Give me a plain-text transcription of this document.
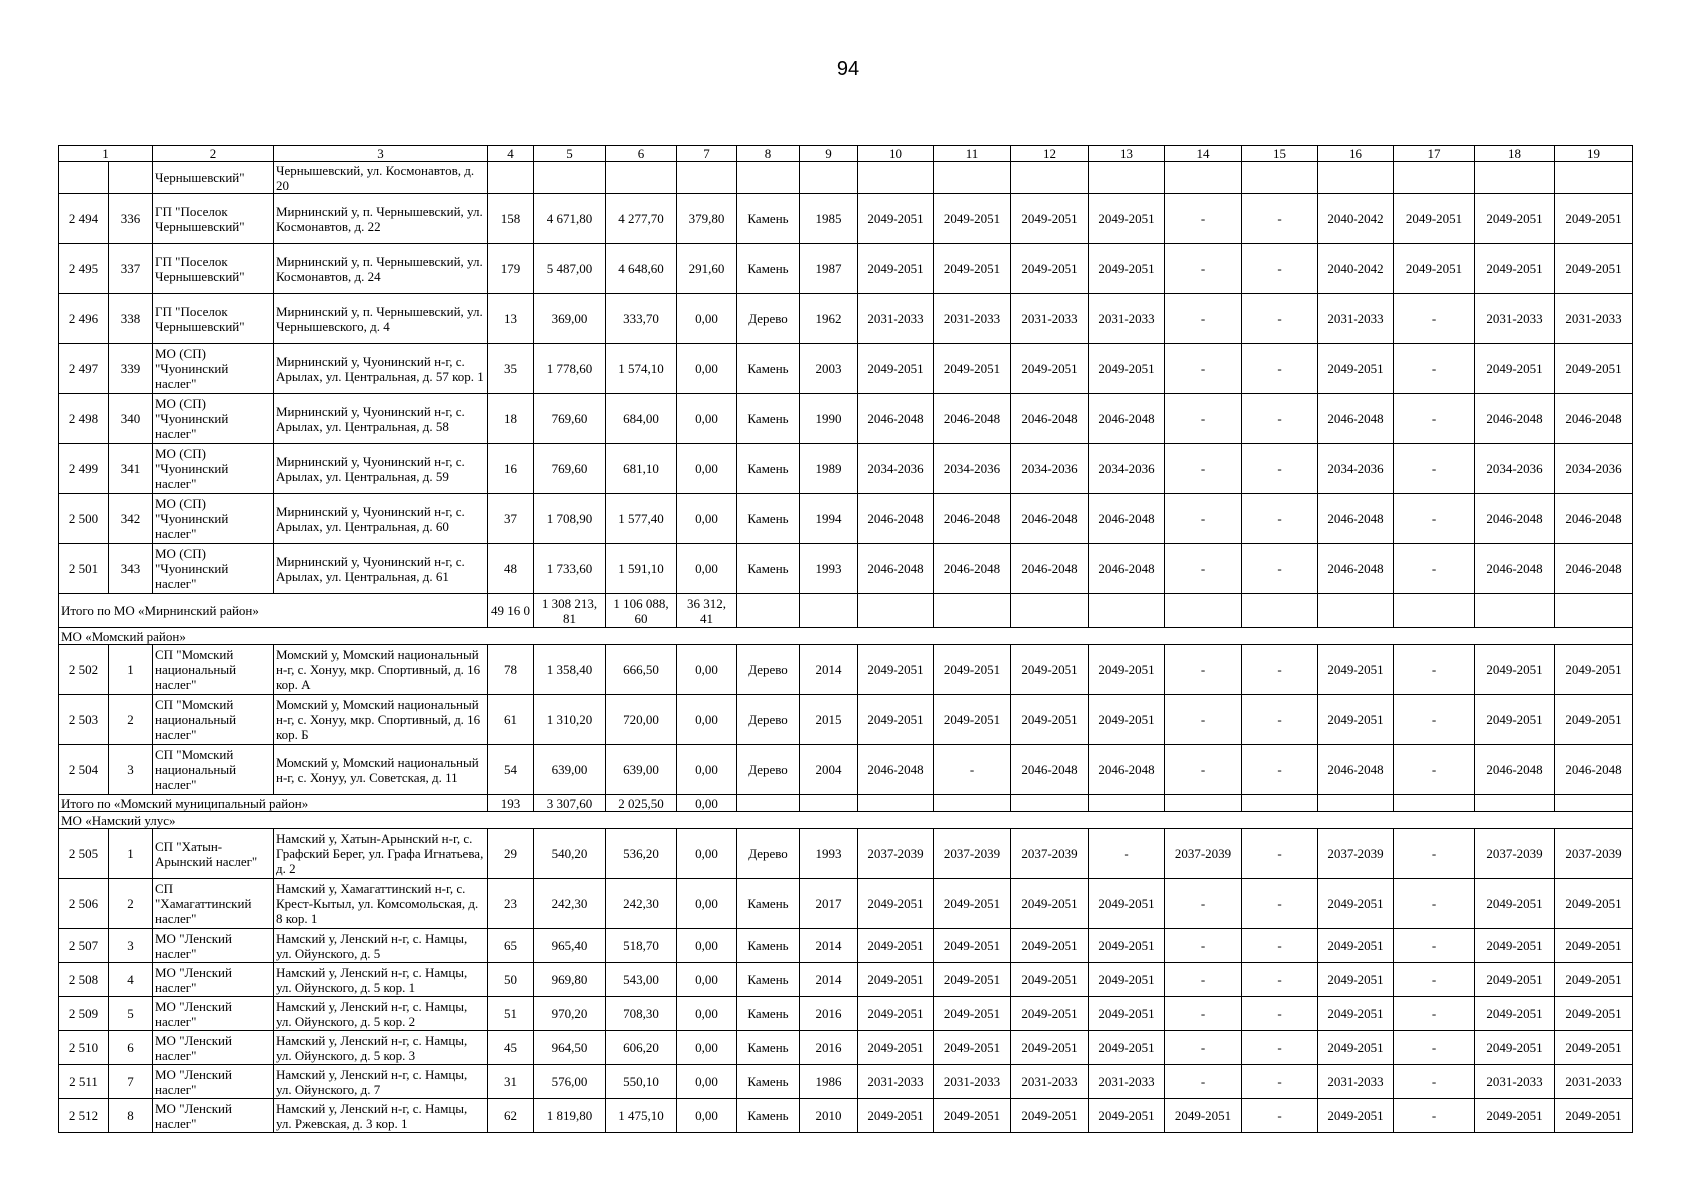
94
1		2	3	4	5	6	7	8	9	10	11	12	13	14	15	16	17	18	19
		Чернышевский"	Чернышевский, ул. Космонавтов, д. 20																
2 494	336	ГП "Поселок Чернышевский"	Мирнинский у, п. Чернышевский, ул. Космонавтов, д. 22	158	4 671,80	4 277,70	379,80	Камень	1985	2049-2051	2049-2051	2049-2051	2049-2051	-	-	2040-2042	2049-2051	2049-2051	2049-2051
2 495	337	ГП "Поселок Чернышевский"	Мирнинский у, п. Чернышевский, ул. Космонавтов, д. 24	179	5 487,00	4 648,60	291,60	Камень	1987	2049-2051	2049-2051	2049-2051	2049-2051	-	-	2040-2042	2049-2051	2049-2051	2049-2051
2 496	338	ГП "Поселок Чернышевский"	Мирнинский у, п. Чернышевский, ул. Чернышевского, д. 4	13	369,00	333,70	0,00	Дерево	1962	2031-2033	2031-2033	2031-2033	2031-2033	-	-	2031-2033	-	2031-2033	2031-2033
2 497	339	МО (СП) "Чуонинский наслег"	Мирнинский у, Чуонинский н-г, с. Арылах, ул. Центральная, д. 57 кор. 1	35	1 778,60	1 574,10	0,00	Камень	2003	2049-2051	2049-2051	2049-2051	2049-2051	-	-	2049-2051	-	2049-2051	2049-2051
2 498	340	МО (СП) "Чуонинский наслег"	Мирнинский у, Чуонинский н-г, с. Арылах, ул. Центральная, д. 58	18	769,60	684,00	0,00	Камень	1990	2046-2048	2046-2048	2046-2048	2046-2048	-	-	2046-2048	-	2046-2048	2046-2048
2 499	341	МО (СП) "Чуонинский наслег"	Мирнинский у, Чуонинский н-г, с. Арылах, ул. Центральная, д. 59	16	769,60	681,10	0,00	Камень	1989	2034-2036	2034-2036	2034-2036	2034-2036	-	-	2034-2036	-	2034-2036	2034-2036
2 500	342	МО (СП) "Чуонинский наслег"	Мирнинский у, Чуонинский н-г, с. Арылах, ул. Центральная, д. 60	37	1 708,90	1 577,40	0,00	Камень	1994	2046-2048	2046-2048	2046-2048	2046-2048	-	-	2046-2048	-	2046-2048	2046-2048
2 501	343	МО (СП) "Чуонинский наслег"	Мирнинский у, Чуонинский н-г, с. Арылах, ул. Центральная, д. 61	48	1 733,60	1 591,10	0,00	Камень	1993	2046-2048	2046-2048	2046-2048	2046-2048	-	-	2046-2048	-	2046-2048	2046-2048
Итого по МО «Мирнинский район»				49 16 0	1 308 213, 81	1 106 088, 60	36 312, 41												
МО «Момский район»																			
2 502	1	СП "Момский национальный наслег"	Момский у, Момский национальный н-г, с. Хонуу, мкр. Спортивный, д. 16 кор. А	78	1 358,40	666,50	0,00	Дерево	2014	2049-2051	2049-2051	2049-2051	2049-2051	-	-	2049-2051	-	2049-2051	2049-2051
2 503	2	СП "Момский национальный наслег"	Момский у, Момский национальный н-г, с. Хонуу, мкр. Спортивный, д. 16 кор. Б	61	1 310,20	720,00	0,00	Дерево	2015	2049-2051	2049-2051	2049-2051	2049-2051	-	-	2049-2051	-	2049-2051	2049-2051
2 504	3	СП "Момский национальный наслег"	Момский у, Момский национальный н-г, с. Хонуу, ул. Советская, д. 11	54	639,00	639,00	0,00	Дерево	2004	2046-2048	-	2046-2048	2046-2048	-	-	2046-2048	-	2046-2048	2046-2048
Итого по «Момский муниципальный район»				193	3 307,60	2 025,50	0,00												
МО «Намский улус»																			
2 505	1	СП "Хатын-Арынский наслег"	Намский у, Хатын-Арынский н-г, с. Графский Берег, ул. Графа Игнатьева, д. 2	29	540,20	536,20	0,00	Дерево	1993	2037-2039	2037-2039	2037-2039	-	2037-2039	-	2037-2039	-	2037-2039	2037-2039
2 506	2	СП "Хамагаттинский наслег"	Намский у, Хамагаттинский н-г, с. Крест-Кытыл, ул. Комсомольская, д. 8 кор. 1	23	242,30	242,30	0,00	Камень	2017	2049-2051	2049-2051	2049-2051	2049-2051	-	-	2049-2051	-	2049-2051	2049-2051
2 507	3	МО "Ленский наслег"	Намский у, Ленский н-г, с. Намцы, ул. Ойунского, д. 5	65	965,40	518,70	0,00	Камень	2014	2049-2051	2049-2051	2049-2051	2049-2051	-	-	2049-2051	-	2049-2051	2049-2051
2 508	4	МО "Ленский наслег"	Намский у, Ленский н-г, с. Намцы, ул. Ойунского, д. 5 кор. 1	50	969,80	543,00	0,00	Камень	2014	2049-2051	2049-2051	2049-2051	2049-2051	-	-	2049-2051	-	2049-2051	2049-2051
2 509	5	МО "Ленский наслег"	Намский у, Ленский н-г, с. Намцы, ул. Ойунского, д. 5 кор. 2	51	970,20	708,30	0,00	Камень	2016	2049-2051	2049-2051	2049-2051	2049-2051	-	-	2049-2051	-	2049-2051	2049-2051
2 510	6	МО "Ленский наслег"	Намский у, Ленский н-г, с. Намцы, ул. Ойунского, д. 5 кор. 3	45	964,50	606,20	0,00	Камень	2016	2049-2051	2049-2051	2049-2051	2049-2051	-	-	2049-2051	-	2049-2051	2049-2051
2 511	7	МО "Ленский наслег"	Намский у, Ленский н-г, с. Намцы, ул. Ойунского, д. 7	31	576,00	550,10	0,00	Камень	1986	2031-2033	2031-2033	2031-2033	2031-2033	-	-	2031-2033	-	2031-2033	2031-2033
2 512	8	МО "Ленский наслег"	Намский у, Ленский н-г, с. Намцы, ул. Ржевская, д. 3 кор. 1	62	1 819,80	1 475,10	0,00	Камень	2010	2049-2051	2049-2051	2049-2051	2049-2051	2049-2051	-	2049-2051	-	2049-2051	2049-2051
